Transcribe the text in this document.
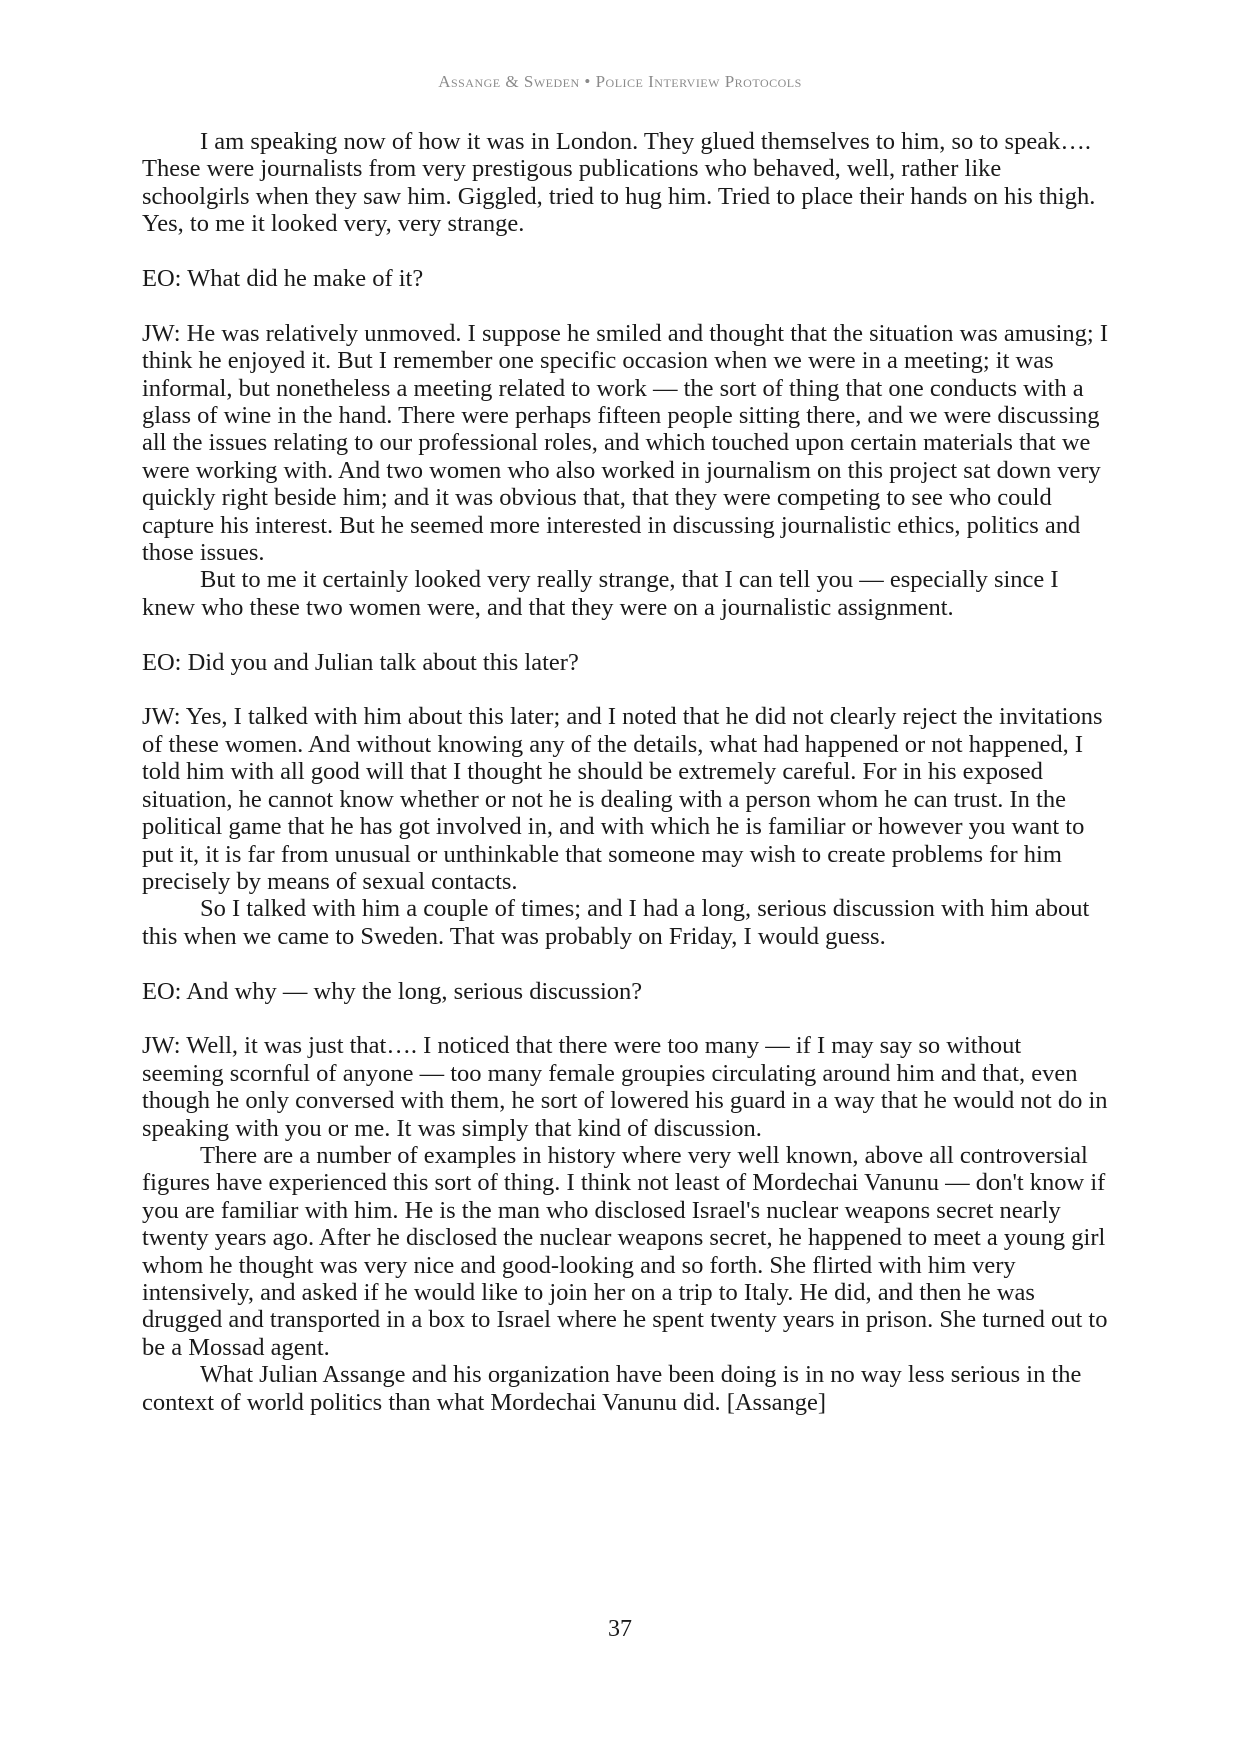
Assange & Sweden • Police Interview Protocols

I am speaking now of how it was in London. They glued themselves to him, so to speak…. These were journalists from very prestigous publications who behaved, well, rather like schoolgirls when they saw him. Giggled, tried to hug him. Tried to place their hands on his thigh. Yes, to me it looked very, very strange.

EO: What did he make of it?

JW: He was relatively unmoved. I suppose he smiled and thought that the situation was amusing; I think he enjoyed it. But I remember one specific occasion when we were in a meeting; it was informal, but nonetheless a meeting related to work — the sort of thing that one conducts with a glass of wine in the hand. There were perhaps fifteen people sitting there, and we were discussing all the issues relating to our professional roles, and which touched upon certain materials that we were working with. And two women who also worked in journalism on this project sat down very quickly right beside him; and it was obvious that, that they were competing to see who could capture his interest. But he seemed more interested in discussing journalistic ethics, politics and those issues.

But to me it certainly looked very really strange, that I can tell you — especially since I knew who these two women were, and that they were on a journalistic assignment.

EO: Did you and Julian talk about this later?

JW: Yes, I talked with him about this later; and I noted that he did not clearly reject the invitations of these women. And without knowing any of the details, what had happened or not happened, I told him with all good will that I thought he should be extremely careful. For in his exposed situation, he cannot know whether or not he is dealing with a person whom he can trust. In the political game that he has got involved in, and with which he is familiar or however you want to put it, it is far from unusual or unthinkable that someone may wish to create problems for him precisely by means of sexual contacts.

So I talked with him a couple of times; and I had a long, serious discussion with him about this when we came to Sweden. That was probably on Friday, I would guess.

EO: And why — why the long, serious discussion?

JW: Well, it was just that…. I noticed that there were too many — if I may say so without seeming scornful of anyone — too many female groupies circulating around him and that, even though he only conversed with them, he sort of lowered his guard in a way that he would not do in speaking with you or me. It was simply that kind of discussion.

There are a number of examples in history where very well known, above all controversial figures have experienced this sort of thing. I think not least of Mordechai Vanunu — don't know if you are familiar with him. He is the man who disclosed Israel's nuclear weapons secret nearly twenty years ago. After he disclosed the nuclear weapons secret, he happened to meet a young girl whom he thought was very nice and good-looking and so forth. She flirted with him very intensively, and asked if he would like to join her on a trip to Italy. He did, and then he was drugged and transported in a box to Israel where he spent twenty years in prison. She turned out to be a Mossad agent.

What Julian Assange and his organization have been doing is in no way less serious in the context of world politics than what Mordechai Vanunu did. [Assange]

37
